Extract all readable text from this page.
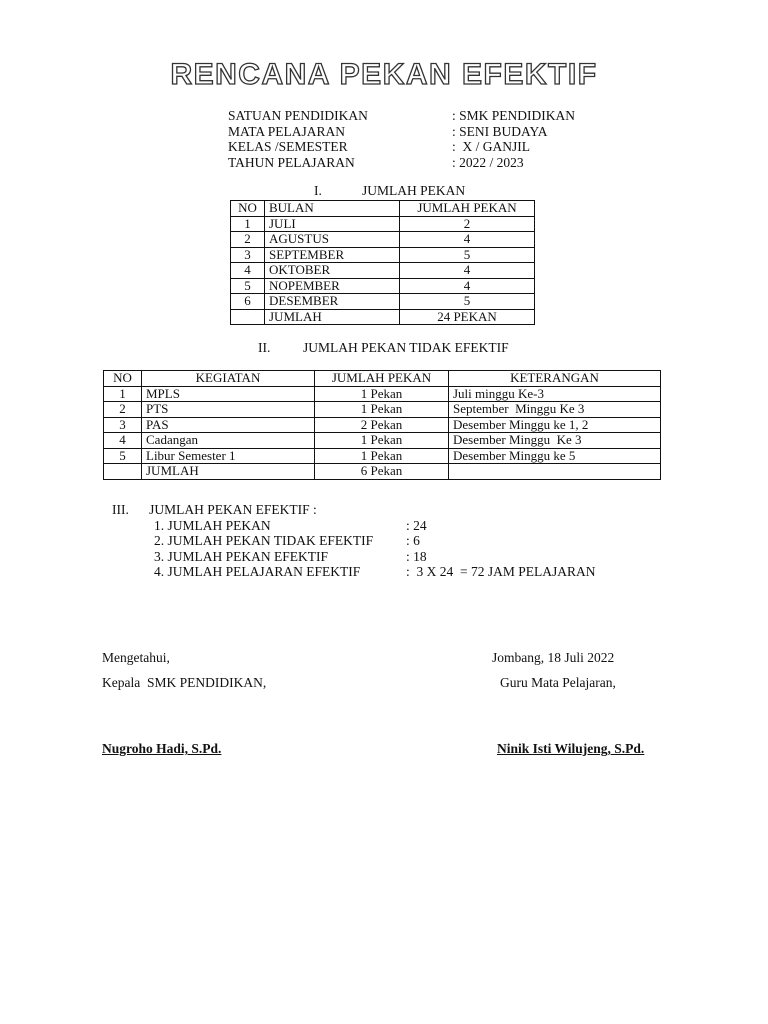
RENCANA PEKAN EFEKTIF
SATUAN PENDIDIKAN	: SMK PENDIDIKAN
MATA PELAJARAN	: SENI BUDAYA
KELAS /SEMESTER	:  X / GANJIL
TAHUN PELAJARAN	: 2022 / 2023
I.	JUMLAH PEKAN
NO	BULAN	JUMLAH PEKAN
1	JULI	2
2	AGUSTUS	4
3	SEPTEMBER	5
4	OKTOBER	4
5	NOPEMBER	4
6	DESEMBER	5
	JUMLAH	24 PEKAN
II. JUMLAH PEKAN TIDAK EFEKTIF
NO	KEGIATAN	JUMLAH PEKAN	KETERANGAN
1	MPLS	1 Pekan	Juli minggu Ke-3
2	PTS	1 Pekan	September  Minggu Ke 3
3	PAS	2 Pekan	Desember Minggu ke 1, 2
4	Cadangan	1 Pekan	Desember Minggu  Ke 3
5	Libur Semester 1	1 Pekan	Desember Minggu ke 5
	JUMLAH	6 Pekan	
III. JUMLAH PEKAN EFEKTIF :
1. JUMLAH PEKAN	: 24
2. JUMLAH PEKAN TIDAK EFEKTIF : 6
3. JUMLAH PEKAN EFEKTIF	: 18
4. JUMLAH PELAJARAN EFEKTIF	:  3 X 24  = 72 JAM PELAJARAN
Mengetahui,
Kepala  SMK PENDIDIKAN,
Nugroho Hadi, S.Pd.
Jombang, 18 Juli 2022
Guru Mata Pelajaran,
Ninik Isti Wilujeng, S.Pd.
